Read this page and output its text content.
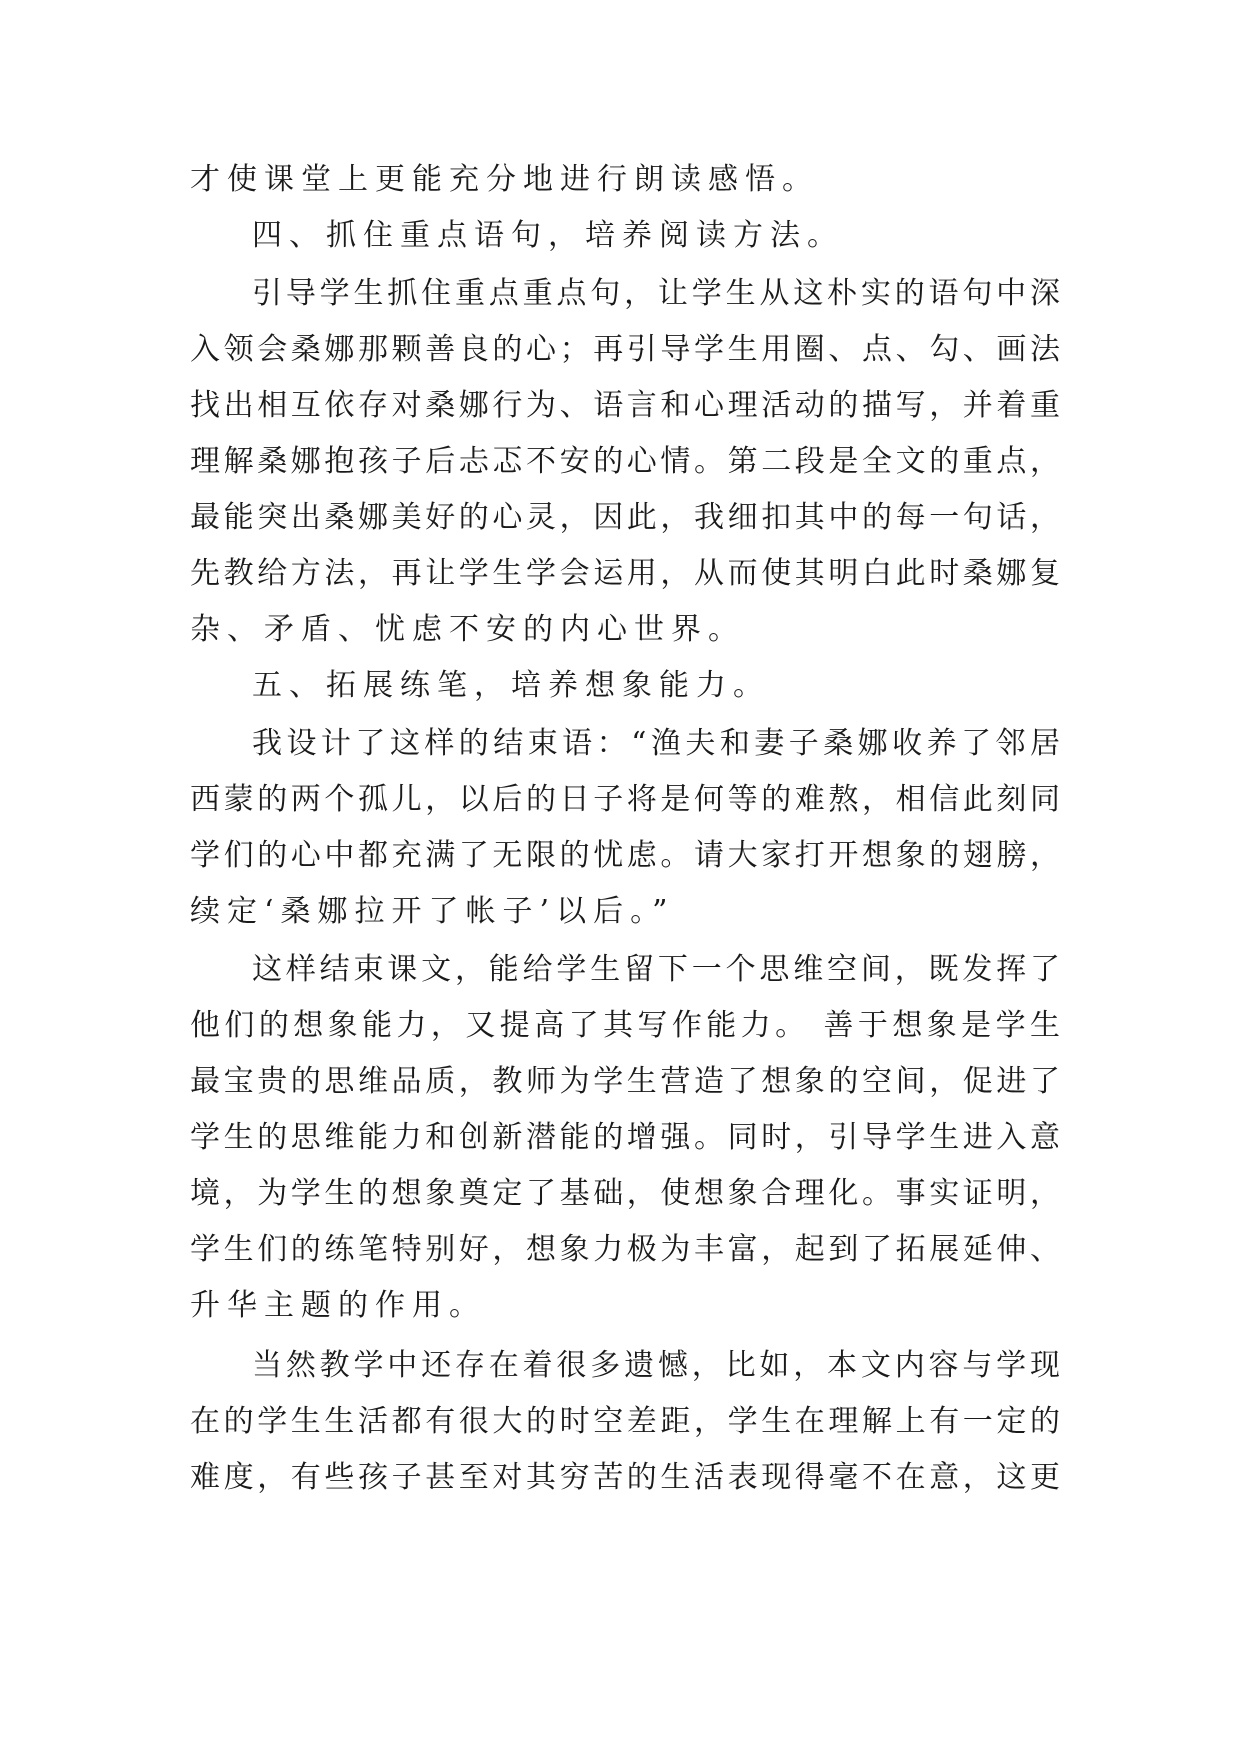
才使课堂上更能充分地进行朗读感悟。
四、抓住重点语句，培养阅读方法。
引导学生抓住重点重点句，让学生从这朴实的语句中深
入领会桑娜那颗善良的心；再引导学生用圈、点、勾、画法
找出相互依存对桑娜行为、语言和心理活动的描写，并着重
理解桑娜抱孩子后忐忑不安的心情。第二段是全文的重点，
最能突出桑娜美好的心灵，因此，我细扣其中的每一句话，
先教给方法，再让学生学会运用，从而使其明白此时桑娜复
杂、矛盾、忧虑不安的内心世界。
五、拓展练笔，培养想象能力。
我设计了这样的结束语：“渔夫和妻子桑娜收养了邻居
西蒙的两个孤儿，以后的日子将是何等的难熬，相信此刻同
学们的心中都充满了无限的忧虑。请大家打开想象的翅膀，
续定‘桑娜拉开了帐子’以后。”
这样结束课文，能给学生留下一个思维空间，既发挥了
他们的想象能力，又提高了其写作能力。 善于想象是学生
最宝贵的思维品质，教师为学生营造了想象的空间，促进了
学生的思维能力和创新潜能的增强。同时，引导学生进入意
境，为学生的想象奠定了基础，使想象合理化。事实证明，
学生们的练笔特别好，想象力极为丰富，起到了拓展延伸、
升华主题的作用。
当然教学中还存在着很多遗憾，比如，本文内容与学现
在的学生生活都有很大的时空差距，学生在理解上有一定的
难度，有些孩子甚至对其穷苦的生活表现得毫不在意，这更
